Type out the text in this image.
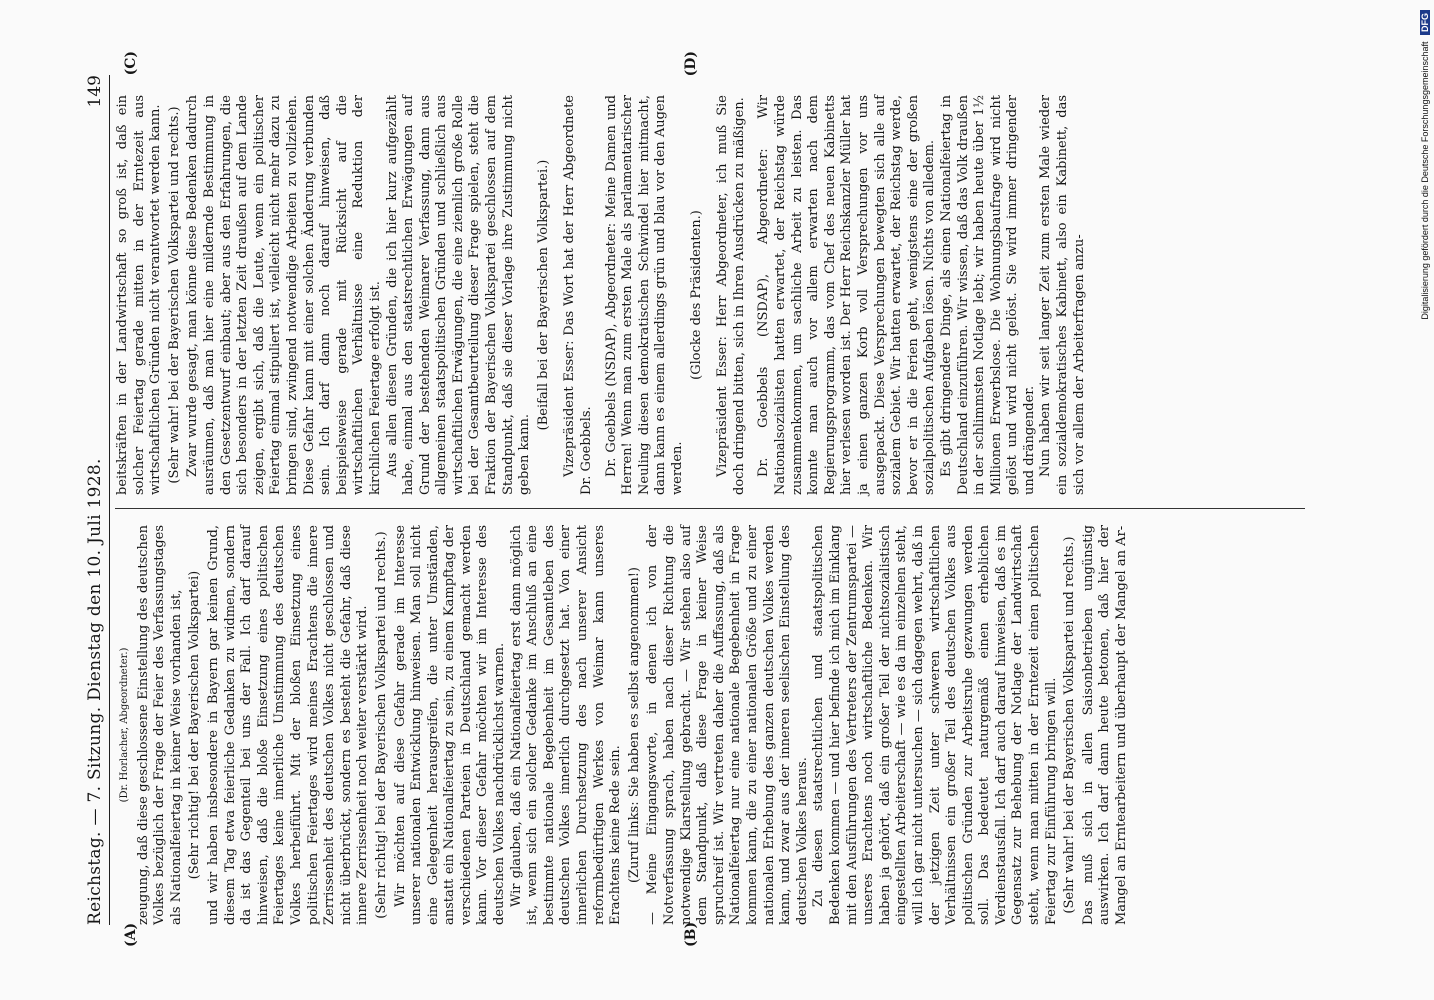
Reichstag. — 7. Sitzung. Dienstag den 10. Juli 1928.
149
(A)	(B)
(C)	(D)

(Dr. Horlacher, Abgeordneter.) zeugung, daß diese geschlossene Einstellung des deutschen Volkes bezüglich der Frage der Feier des Verfassungstages als Nationalfeiertag in keiner Weise vorhanden ist, (Sehr richtig! bei der Bayerischen Volkspartei) und wir haben insbesondere in Bayern gar keinen Grund, diesem Tag etwa feierliche Gedanken zu widmen, sondern da ist das Gegenteil bei uns der Fall. Ich darf darauf hinweisen, daß die bloße Einsetzung eines politischen Feiertages keine innerliche Umstimmung des deutschen Volkes herbeiführt. Mit der bloßen Einsetzung eines politischen Feiertages wird meines Erachtens die innere Zerrissenheit des deutschen Volkes nicht geschlossen und nicht überbrückt, sondern es besteht die Gefahr, daß diese innere Zerrissenheit noch weiter verstärkt wird. (Sehr richtig! bei der Bayerischen Volkspartei und rechts.) Wir möchten auf diese Gefahr gerade im Interesse unserer nationalen Entwicklung hinweisen. Man soll nicht eine Gelegenheit herausgreifen, die unter Umständen, anstatt ein Nationalfeiertag zu sein, zu einem Kampftag der verschiedenen Parteien in Deutschland gemacht werden kann. Vor dieser Gefahr möchten wir im Interesse des deutschen Volkes nachdrücklichst warnen. Wir glauben, daß ein Nationalfeiertag erst dann möglich ist, wenn sich ein solcher Gedanke im Anschluß an eine bestimmte nationale Begebenheit im Gesamtleben des deutschen Volkes innerlich durchgesetzt hat. Von einer innerlichen Durchsetzung des nach unserer Ansicht reformbedürftigen Werkes von Weimar kann unseres Erachtens keine Rede sein. (Zuruf links: Sie haben es selbst angenommen!) — Meine Eingangsworte, in denen ich von der Notverfassung sprach, haben nach dieser Richtung die notwendige Klarstellung gebracht. — Wir stehen also auf dem Standpunkt, daß diese Frage in keiner Weise spruchreif ist. Wir vertreten daher die Auffassung, daß als Nationalfeiertag nur eine nationale Begebenheit in Frage kommen kann, die zu einer nationalen Größe und zu einer nationalen Erhebung des ganzen deutschen Volkes werden kann, und zwar aus der inneren seelischen Einstellung des deutschen Volkes heraus. Zu diesen staatsrechtlichen und staatspolitischen Bedenken kommen — und hier befinde ich mich im Einklang mit den Ausführungen des Vertreters der Zentrumspartei — unseres Erachtens noch wirtschaftliche Bedenken. Wir haben ja gehört, daß ein großer Teil der nichtsozialistisch eingestellten Arbeiterschaft — wie es da im einzelnen steht, will ich gar nicht untersuchen — sich dagegen wehrt, daß in der jetzigen Zeit unter schweren wirtschaftlichen Verhältnissen ein großer Teil des deutschen Volkes aus politischen Gründen zur Arbeitsruhe gezwungen werden soll. Das bedeutet naturgemäß einen erheblichen Verdienstausfall. Ich darf auch darauf hinweisen, daß es im Gegensatz zur Behebung der Notlage der Landwirtschaft steht, wenn man mitten in der Erntezeit einen politischen Feiertag zur Einführung bringen will. (Sehr wahr! bei der Bayerischen Volkspartei und rechts.) Das muß sich in allen Saisonbetrieben ungünstig auswirken. Ich darf dann heute betonen, daß hier der Mangel an Erntearbeitern und überhaupt der Mangel an Ar-

beitskräften in der Landwirtschaft so groß ist, daß ein solcher Feiertag gerade mitten in der Erntezeit aus wirtschaftlichen Gründen nicht verantwortet werden kann. (Sehr wahr! bei der Bayerischen Volkspartei und rechts.) Zwar wurde gesagt, man könne diese Bedenken dadurch ausräumen, daß man hier eine mildernde Bestimmung in den Gesetzentwurf einbaut; aber aus den Erfahrungen, die sich besonders in der letzten Zeit draußen auf dem Lande zeigen, ergibt sich, daß die Leute, wenn ein politischer Feiertag einmal stipuliert ist, vielleicht nicht mehr dazu zu bringen sind, zwingend notwendige Arbeiten zu vollziehen. Diese Gefahr kann mit einer solchen Änderung verbunden sein. Ich darf dann noch darauf hinweisen, daß beispielsweise gerade mit Rücksicht auf die wirtschaftlichen Verhältnisse eine Reduktion der kirchlichen Feiertage erfolgt ist. Aus allen diesen Gründen, die ich hier kurz aufgezählt habe, einmal aus den staatsrechtlichen Erwägungen auf Grund der bestehenden Weimarer Verfassung, dann aus allgemeinen staatspolitischen Gründen und schließlich aus wirtschaftlichen Erwägungen, die eine ziemlich große Rolle bei der Gesamtbeurteilung dieser Frage spielen, steht die Fraktion der Bayerischen Volkspartei geschlossen auf dem Standpunkt, daß sie dieser Vorlage ihre Zustimmung nicht geben kann.

(Beifall bei der Bayerischen Volkspartei.) Vizepräsident Esser: Das Wort hat der Herr Abgeordnete Dr. Goebbels. Dr. Goebbels (NSDAP), Abgeordneter: Meine Damen und Herren! Wenn man zum ersten Male als parlamentarischer Neuling diesen demokratischen Schwindel hier mitmacht, dann kann es einem allerdings grün und blau vor den Augen werden.

(Glocke des Präsidenten.) Vizepräsident Esser: Herr Abgeordneter, ich muß Sie doch dringend bitten, sich in Ihren Ausdrücken zu mäßigen. Dr. Goebbels (NSDAP), Abgeordneter: Wir Nationalsozialisten hatten erwartet, der Reichstag würde zusammenkommen, um sachliche Arbeit zu leisten. Das konnte man auch vor allem erwarten nach dem Regierungsprogramm, das vom Chef des neuen Kabinetts hier verlesen worden ist. Der Herr Reichskanzler Müller hat ja einen ganzen Korb voll Versprechungen vor uns ausgepackt. Diese Versprechungen bewegten sich alle auf sozialem Gebiet. Wir hatten erwartet, der Reichstag werde, bevor er in die Ferien geht, wenigstens eine der großen sozialpolitischen Aufgaben lösen. Nichts von alledem. Es gibt dringendere Dinge, als einen Nationalfeiertag in Deutschland einzuführen. Wir wissen, daß das Volk draußen in der schlimmsten Notlage lebt; wir haben heute über 1½ Millionen Erwerbslose. Die Wohnungsbaufrage wird nicht gelöst und wird nicht gelöst. Sie wird immer dringender und drängender. Nun haben wir seit langer Zeit zum ersten Male wieder ein sozialdemokratisches Kabinett, also ein Kabinett, das sich vor allem der Arbeiterfragen anzu-

Digitalisierung gefördert durch die Deutsche Forschungsgemeinschaft DFG
